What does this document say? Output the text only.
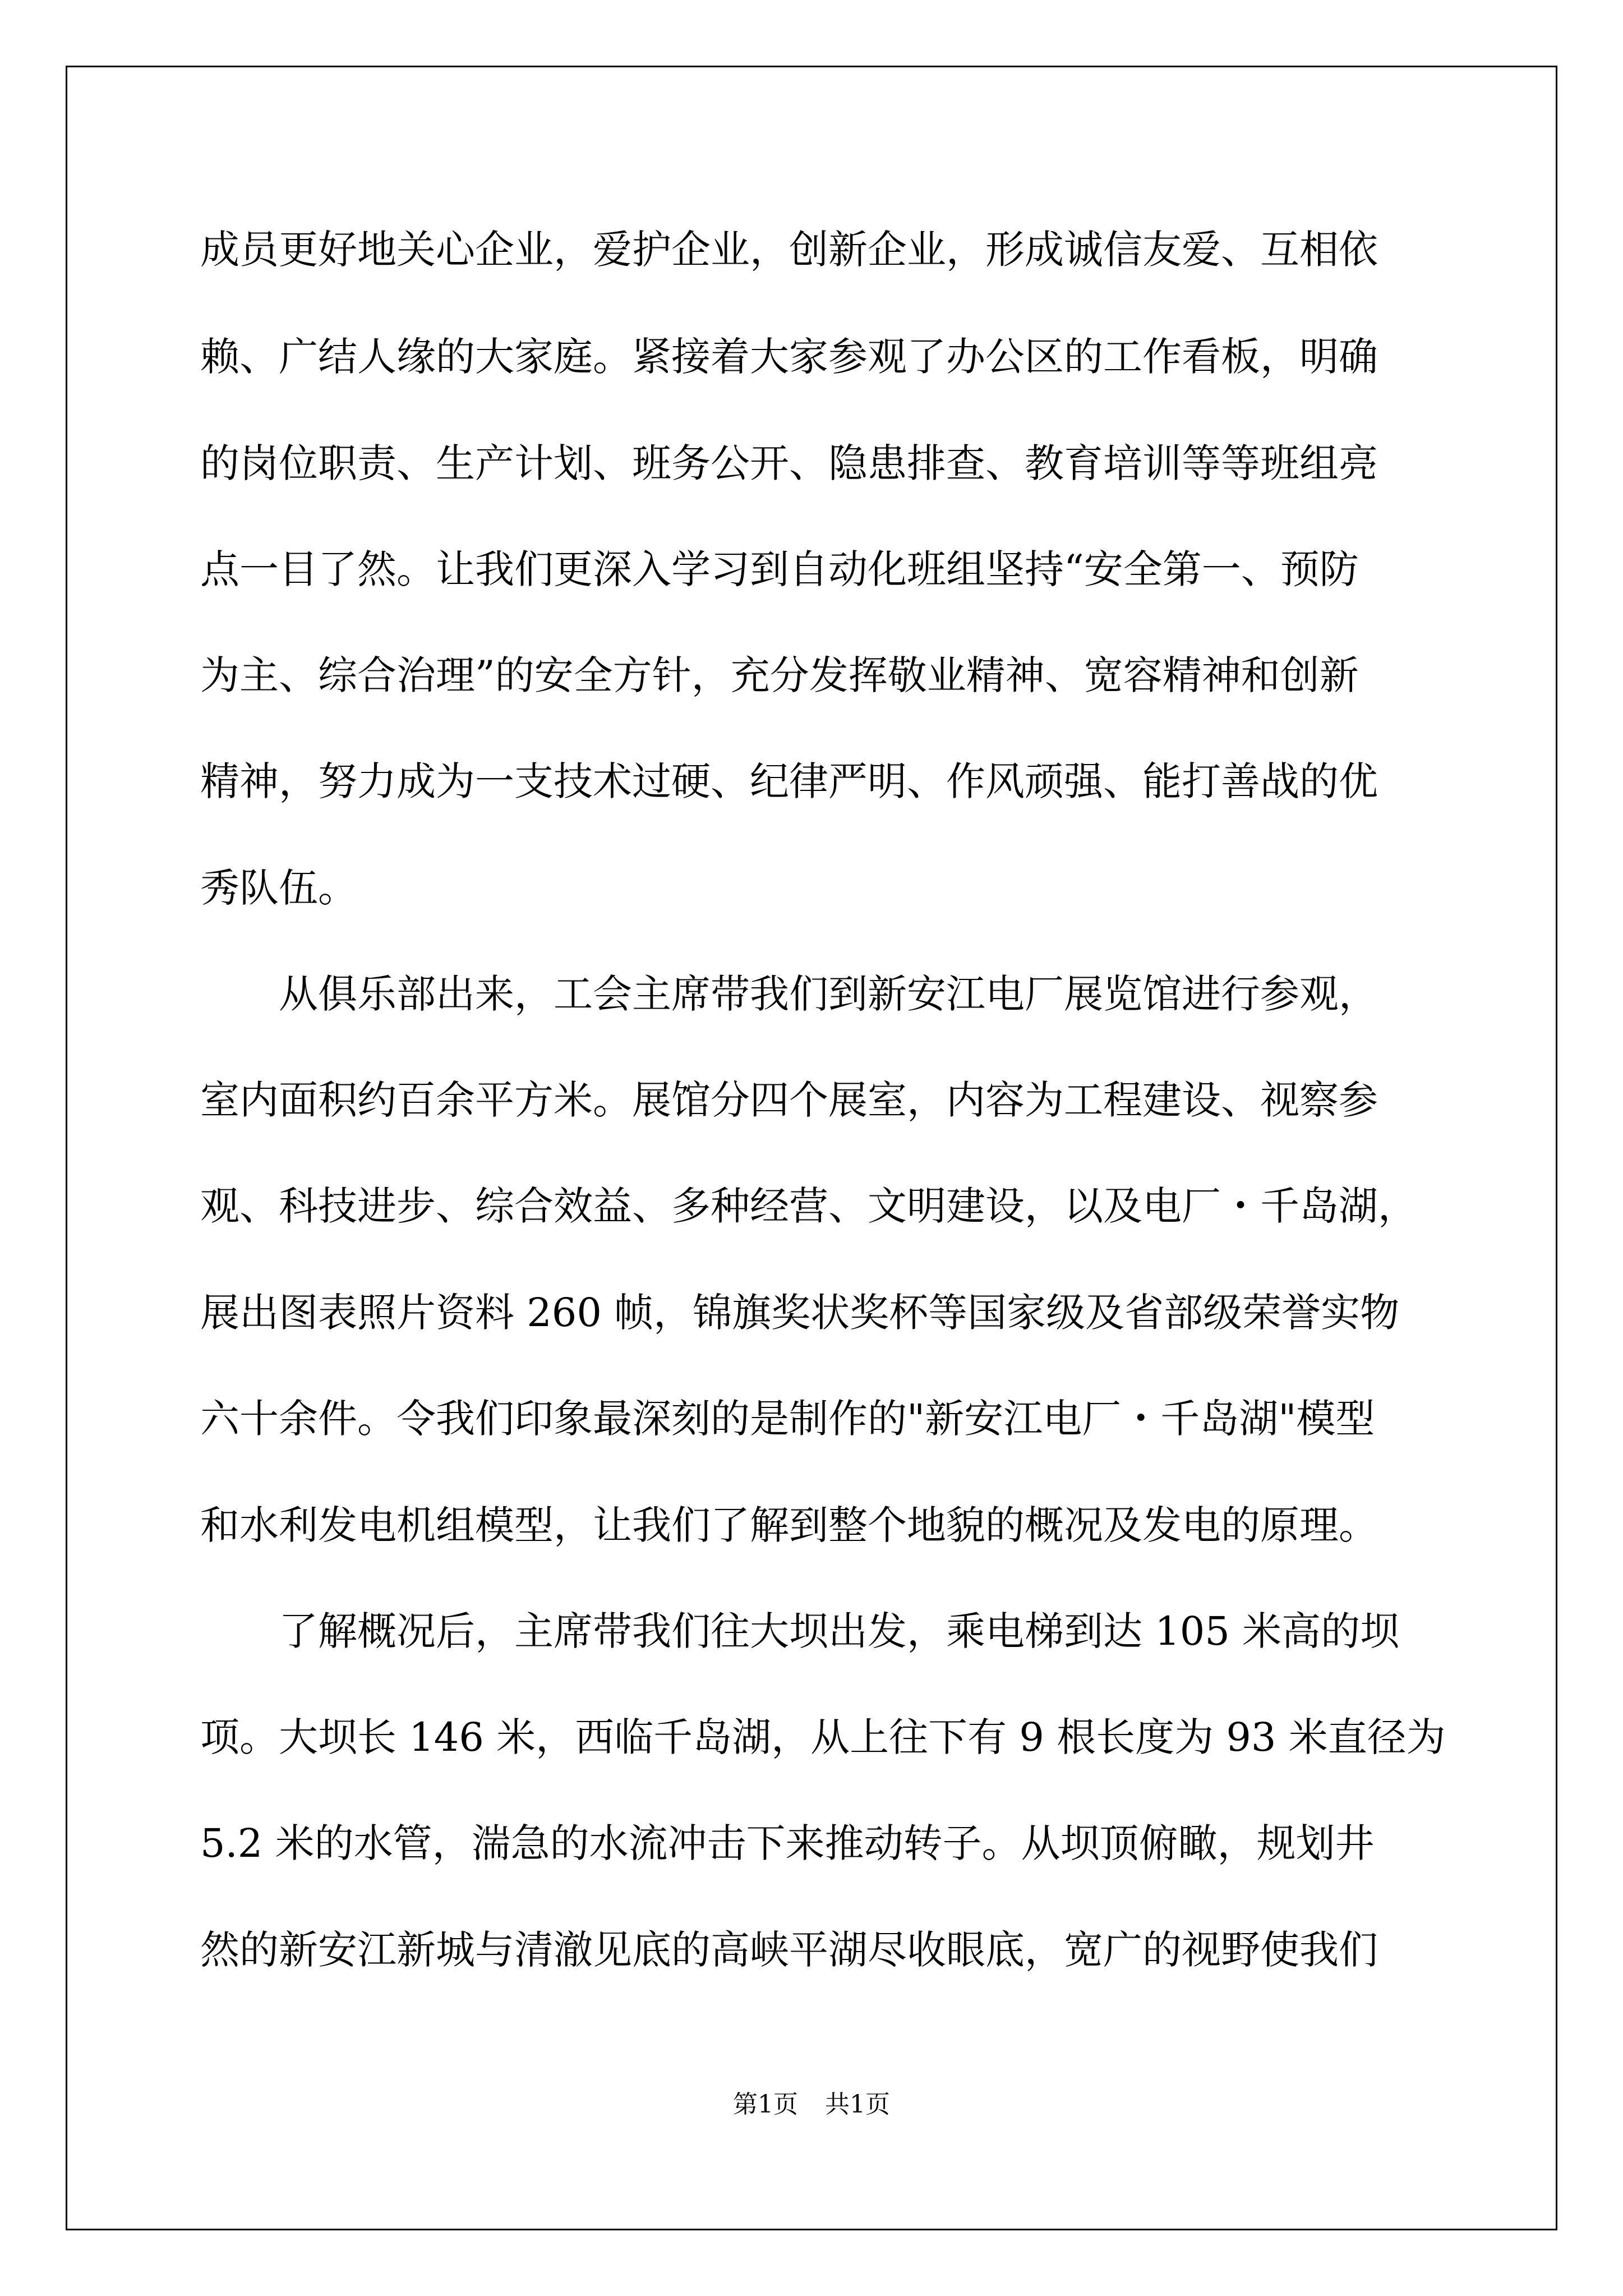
成员更好地关心企业，爱护企业，创新企业，形成诚信友爱、互相依
赖、广结人缘的大家庭。紧接着大家参观了办公区的工作看板，明确
的岗位职责、生产计划、班务公开、隐患排查、教育培训等等班组亮
点一目了然。让我们更深入学习到自动化班组坚持“安全第一、预防
为主、综合治理”的安全方针，充分发挥敬业精神、宽容精神和创新
精神，努力成为一支技术过硬、纪律严明、作风顽强、能打善战的优
秀队伍。
从俱乐部出来，工会主席带我们到新安江电厂展览馆进行参观，
室内面积约百余平方米。展馆分四个展室，内容为工程建设、视察参
观、科技进步、综合效益、多种经营、文明建设，以及电厂・千岛湖，
展出图表照片资料 260 帧，锦旗奖状奖杯等国家级及省部级荣誉实物
六十余件。令我们印象最深刻的是制作的"新安江电厂・千岛湖"模型
和水利发电机组模型，让我们了解到整个地貌的概况及发电的原理。
了解概况后，主席带我们往大坝出发，乘电梯到达 105 米高的坝
项。大坝长 146 米，西临千岛湖，从上往下有 9 根长度为 93 米直径为
5.2 米的水管，湍急的水流冲击下来推动转子。从坝顶俯瞰，规划井
然的新安江新城与清澈见底的高峡平湖尽收眼底，宽广的视野使我们
第1页 共1页
